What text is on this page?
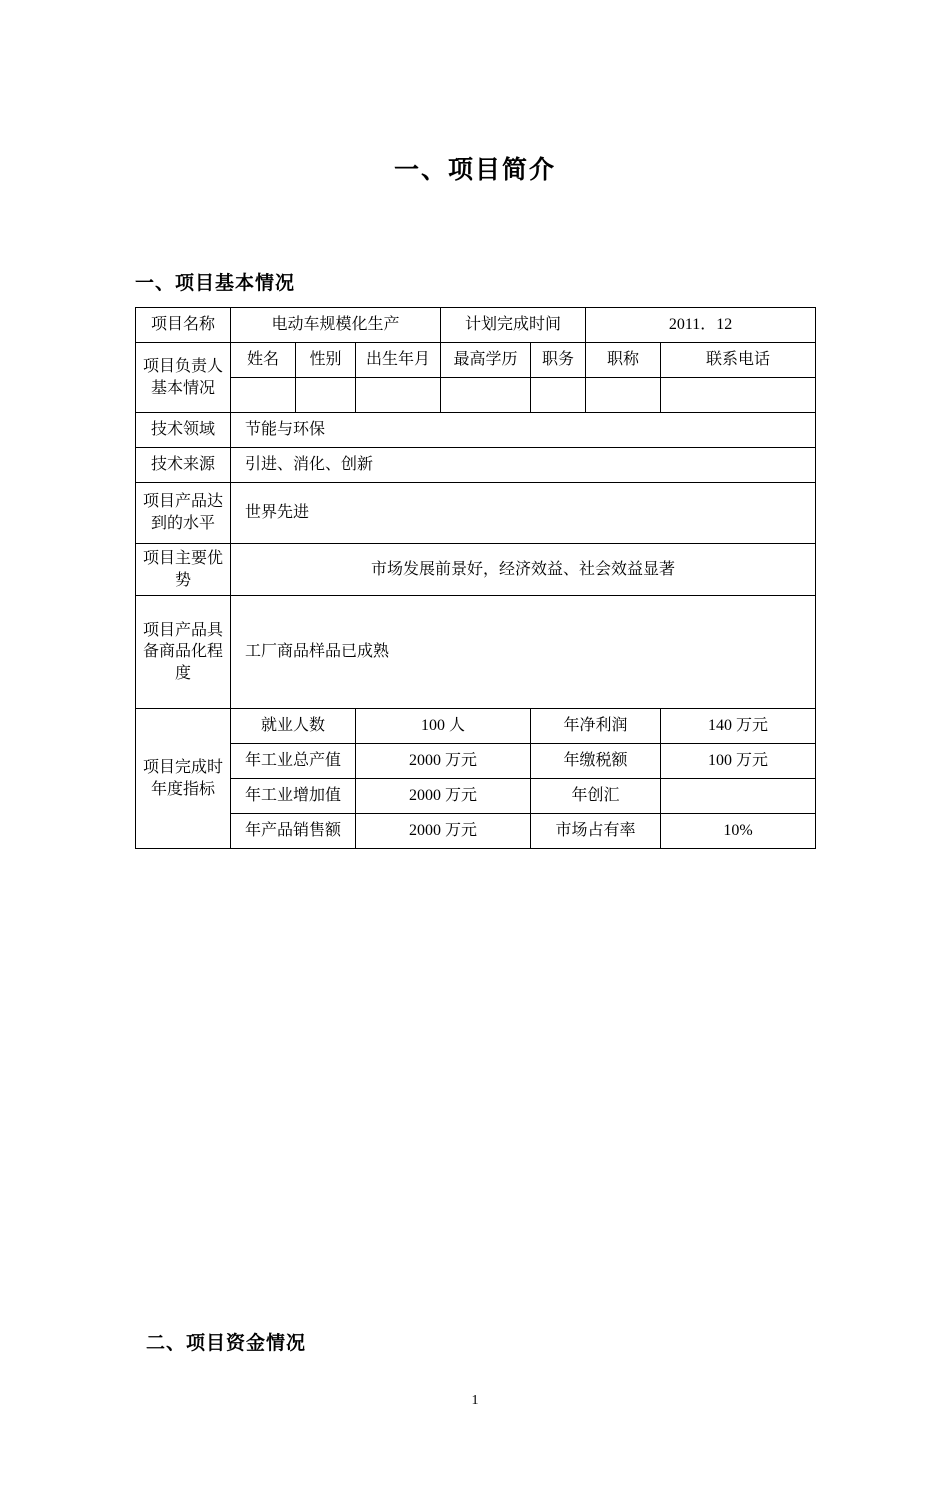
一、项目简介
一、项目基本情况
项目名称	电动车规模化生产			计划完成时间		2011．12	
项目负责人基本情况	姓名	性别	出生年月	最高学历	职务	职称	联系电话

技术领域	节能与环保						
技术来源	引进、消化、创新						
项目产品达到的水平	世界先进						
项目主要优势	市场发展前景好，经济效益、社会效益显著						
项目产品具备商品化程度	工厂商品样品已成熟						
项目完成时年度指标	就业人数		100 人		年净利润		140 万元
	年工业总产值		2000 万元		年缴税额		100 万元
	年工业增加值		2000 万元		年创汇		
	年产品销售额		2000 万元		市场占有率		10%
二、项目资金情况
1
